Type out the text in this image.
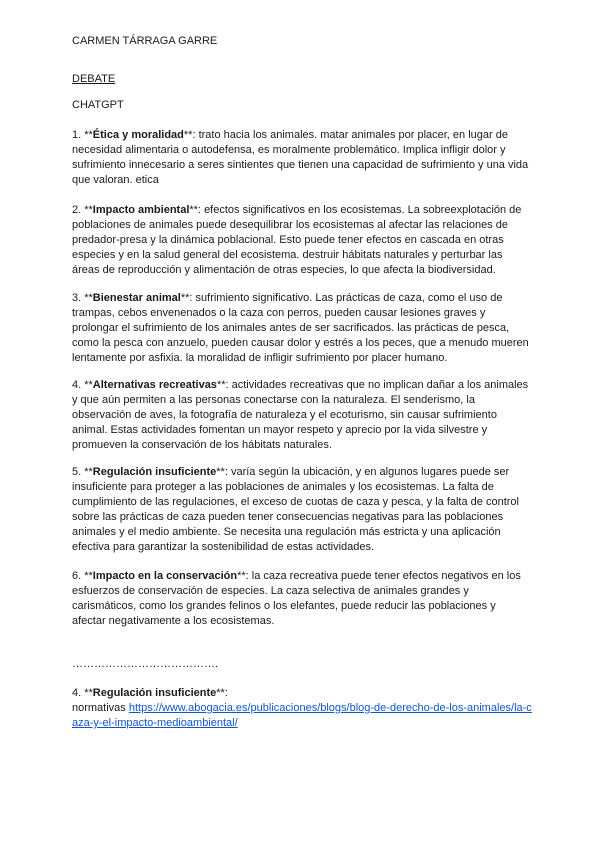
CARMEN TÁRRAGA GARRE
DEBATE
CHATGPT
1. **Ética y moralidad**: trato hacia los animales. matar animales por placer, en lugar de necesidad alimentaria o autodefensa, es moralmente problemático. Implica infligir dolor y sufrimiento innecesario a seres sintientes que tienen una capacidad de sufrimiento y una vida que valoran. etica
2. **Impacto ambiental**: efectos significativos en los ecosistemas. La sobreexplotación de poblaciones de animales puede desequilibrar los ecosistemas al afectar las relaciones de predador-presa y la dinámica poblacional. Esto puede tener efectos en cascada en otras especies y en la salud general del ecosistema. destruir hábitats naturales y perturbar las áreas de reproducción y alimentación de otras especies, lo que afecta la biodiversidad.
3. **Bienestar animal**: sufrimiento significativo. Las prácticas de caza, como el uso de trampas, cebos envenenados o la caza con perros, pueden causar lesiones graves y prolongar el sufrimiento de los animales antes de ser sacrificados. las prácticas de pesca, como la pesca con anzuelo, pueden causar dolor y estrés a los peces, que a menudo mueren lentamente por asfixia. la moralidad de infligir sufrimiento por placer humano.
4. **Alternativas recreativas**: actividades recreativas que no implican dañar a los animales y que aún permiten a las personas conectarse con la naturaleza. El senderismo, la observación de aves, la fotografía de naturaleza y el ecoturismo, sin causar sufrimiento animal. Estas actividades fomentan un mayor respeto y aprecio por la vida silvestre y promueven la conservación de los hábitats naturales.
5. **Regulación insuficiente**: varía según la ubicación, y en algunos lugares puede ser insuficiente para proteger a las poblaciones de animales y los ecosistemas. La falta de cumplimiento de las regulaciones, el exceso de cuotas de caza y pesca, y la falta de control sobre las prácticas de caza pueden tener consecuencias negativas para las poblaciones animales y el medio ambiente. Se necesita una regulación más estricta y una aplicación efectiva para garantizar la sostenibilidad de estas actividades.
6. **Impacto en la conservación**: la caza recreativa puede tener efectos negativos en los esfuerzos de conservación de especies. La caza selectiva de animales grandes y carismáticos, como los grandes felinos o los elefantes, puede reducir las poblaciones y afectar negativamente a los ecosistemas.
………………………………….
4. **Regulación insuficiente**:
normativas https://www.abogacia.es/publicaciones/blogs/blog-de-derecho-de-los-animales/la-caza-y-el-impacto-medioambiental/
